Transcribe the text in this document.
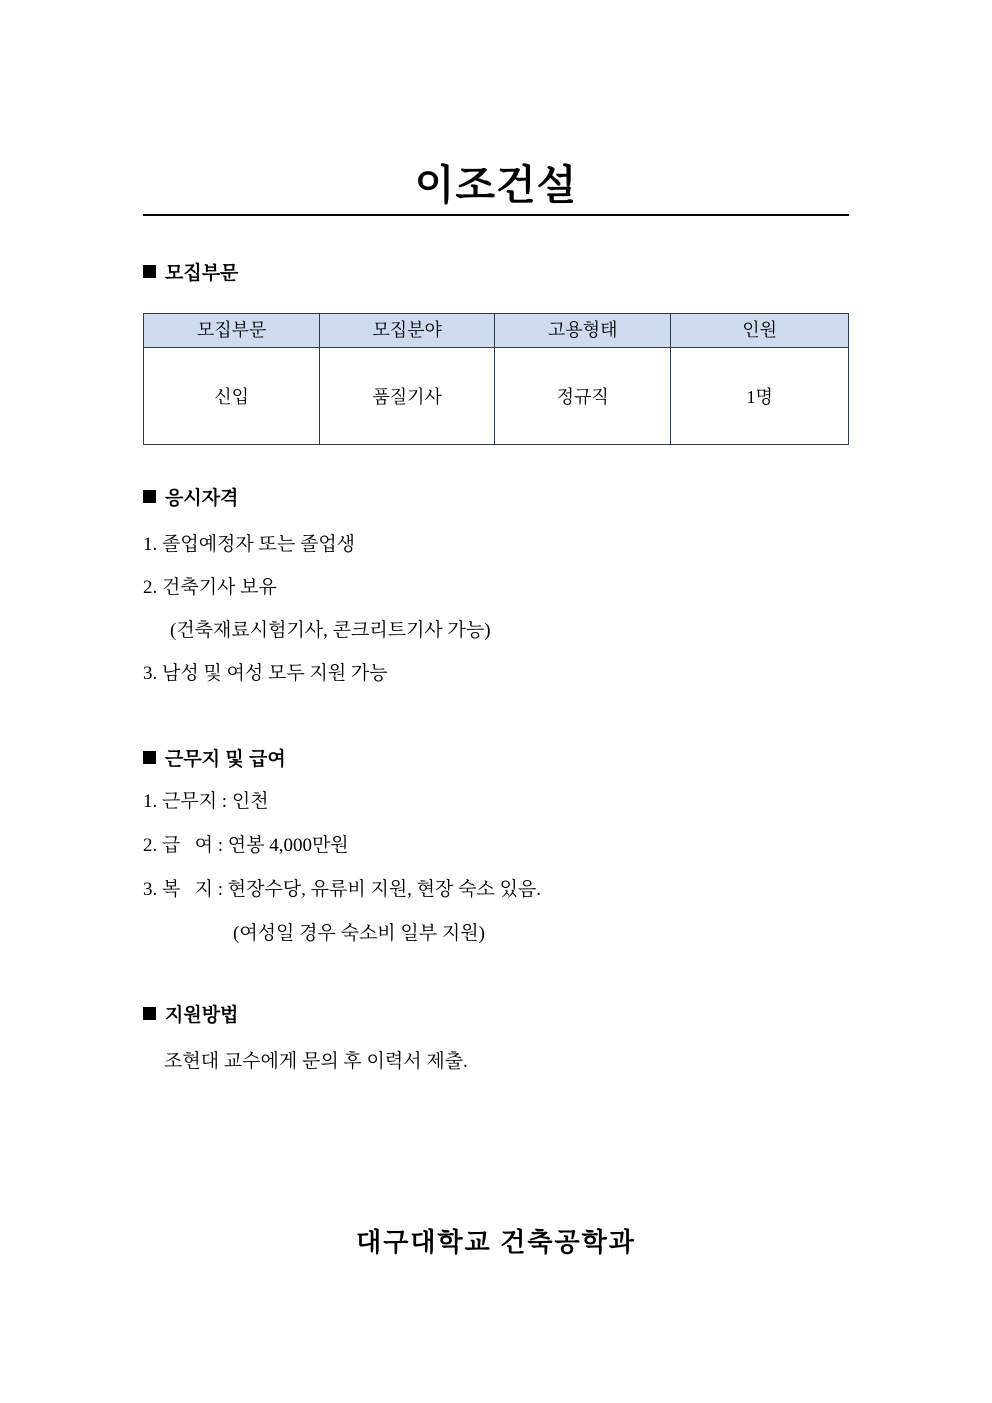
이조건설
모집부문
모집부문	모집분야	고용형태	인원
신입	품질기사	정규직	1명
응시자격
1. 졸업예정자 또는 졸업생
2. 건축기사 보유
(건축재료시험기사, 콘크리트기사 가능)
3. 남성 및 여성 모두 지원 가능
근무지 및 급여
1. 근무지 : 인천
2. 급   여 : 연봉 4,000만원
3. 복   지 : 현장수당, 유류비 지원, 현장 숙소 있음.
(여성일 경우 숙소비 일부 지원)
지원방법
조현대 교수에게 문의 후 이력서 제출.
대구대학교 건축공학과
